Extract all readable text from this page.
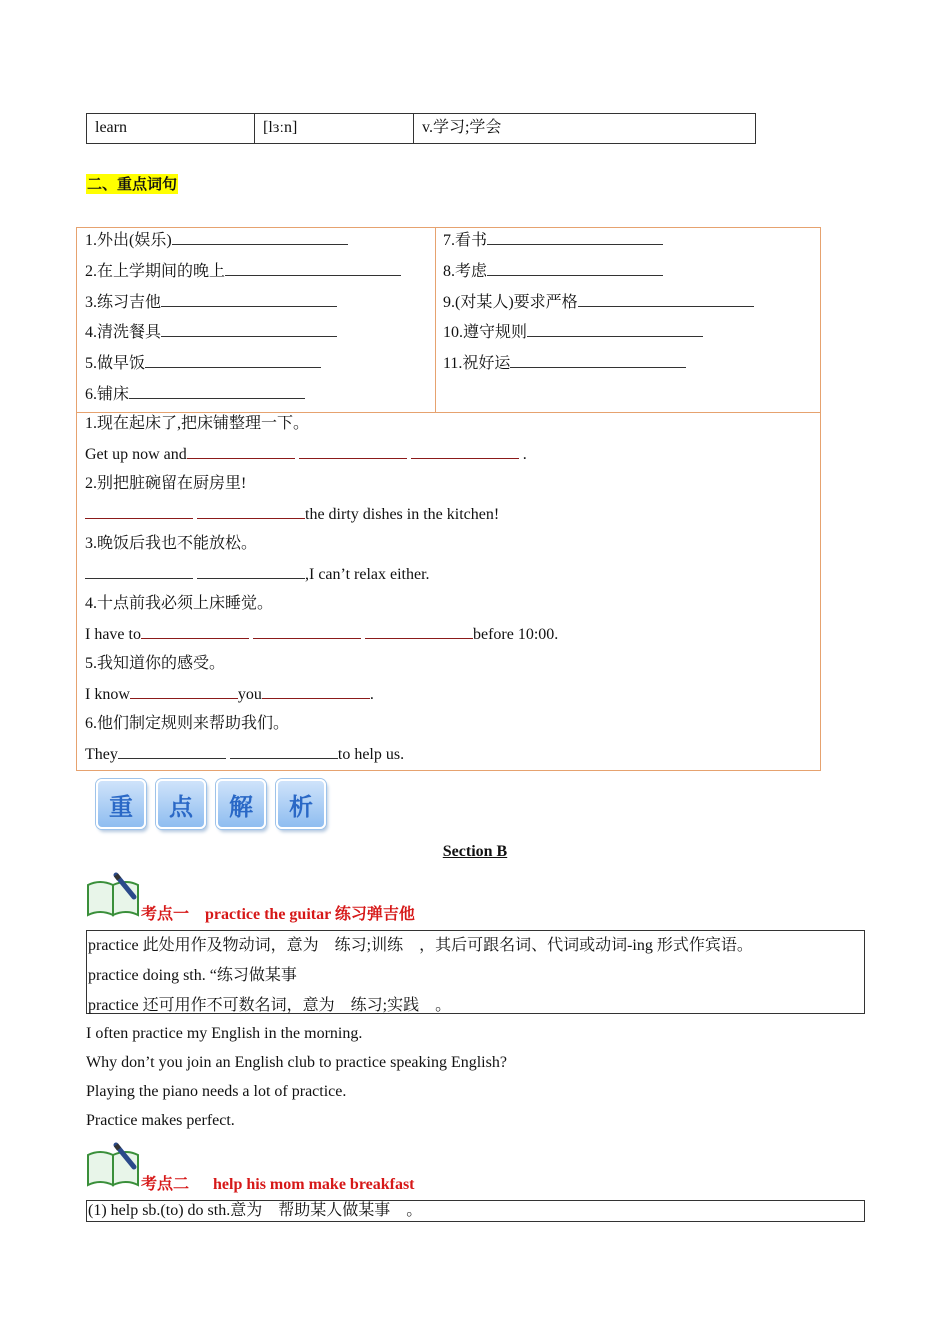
learn	[lɜːn]	v.学习;学会
二、重点词句
1.外出(娱乐)
2.在上学期间的晚上
3.练习吉他
4.清洗餐具
5.做早饭
6.铺床
7.看书
8.考虑
9.(对某人)要求严格
10.遵守规则
11.祝好运
1.现在起床了,把床铺整理一下。
Get up now and	.
2.别把脏碗留在厨房里!
the dirty dishes in the kitchen!
3.晚饭后我也不能放松。
,I can’t relax either.
4.十点前我必须上床睡觉。
I have to	before 10:00.
5.我知道你的感受。
I know	you	.
6.他们制定规则来帮助我们。
They	to help us.
重	点	解	析
Section B
考点一 practice the guitar 练习弹吉他
practice 此处用作及物动词，意为　练习;训练　，其后可跟名词、代词或动词-ing 形式作宾语。
practice doing sth. “练习做某事
practice 还可用作不可数名词，意为　练习;实践　。
I often practice my English in the morning.
Why don’t you join an English club to practice speaking English?
Playing the piano needs a lot of practice.
Practice makes perfect.
考点二 help his mom make breakfast
(1) help sb.(to) do sth.意为　帮助某人做某事　。
